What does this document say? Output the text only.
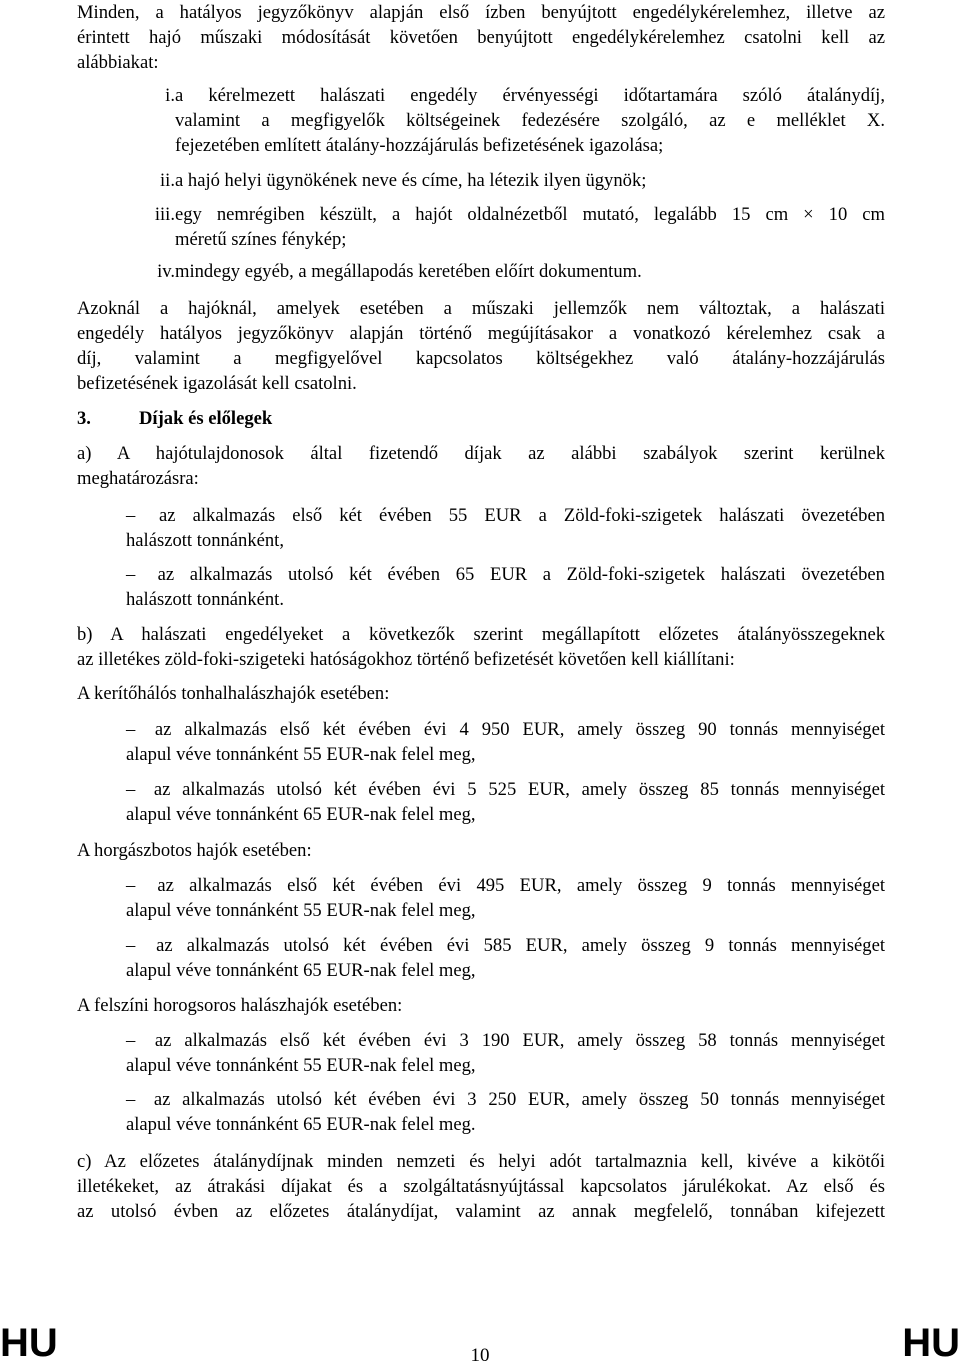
Minden, a hatályos jegyzőkönyv alapján első ízben benyújtott engedélykérelemhez, illetve az

érintett hajó műszaki módosítását követően benyújtott engedélykérelemhez csatolni kell az

alábbiakat:

i. a kérelmezett halászati engedély érvényességi időtartamára szóló átalánydíj,

valamint a megfigyelők költségeinek fedezésére szolgáló, az e melléklet X.

fejezetében említett átalány-hozzájárulás befizetésének igazolása;

ii. a hajó helyi ügynökének neve és címe, ha létezik ilyen ügynök;

iii. egy nemrégiben készült, a hajót oldalnézetből mutató, legalább 15 cm × 10 cm

méretű színes fénykép;

iv. mindegy egyéb, a megállapodás keretében előírt dokumentum.

Azoknál a hajóknál, amelyek esetében a műszaki jellemzők nem változtak, a halászati

engedély hatályos jegyzőkönyv alapján történő megújításakor a vonatkozó kérelemhez csak a

díj, valamint a megfigyelővel kapcsolatos költségekhez való átalány-hozzájárulás

befizetésének igazolását kell csatolni.

3.	Díjak és előlegek

a) A hajótulajdonosok által fizetendő díjak az alábbi szabályok szerint kerülnek

meghatározásra:

– az alkalmazás első két évében 55 EUR a Zöld-foki-szigetek halászati övezetében

halászott tonnánként,

– az alkalmazás utolsó két évében 65 EUR a Zöld-foki-szigetek halászati övezetében

halászott tonnánként.

b) A halászati engedélyeket a következők szerint megállapított előzetes átalányösszegeknek

az illetékes zöld-foki-szigeteki hatóságokhoz történő befizetését követően kell kiállítani:

A kerítőhálós tonhalhalászhajók esetében:

– az alkalmazás első két évében évi 4 950 EUR, amely összeg 90 tonnás mennyiséget

alapul véve tonnánként 55 EUR-nak felel meg,

– az alkalmazás utolsó két évében évi 5 525 EUR, amely összeg 85 tonnás mennyiséget

alapul véve tonnánként 65 EUR-nak felel meg,

A horgászbotos hajók esetében:

– az alkalmazás első két évében évi 495 EUR, amely összeg 9 tonnás mennyiséget

alapul véve tonnánként 55 EUR-nak felel meg,

– az alkalmazás utolsó két évében évi 585 EUR, amely összeg 9 tonnás mennyiséget

alapul véve tonnánként 65 EUR-nak felel meg,

A felszíni horogsoros halászhajók esetében:

– az alkalmazás első két évében évi 3 190 EUR, amely összeg 58 tonnás mennyiséget

alapul véve tonnánként 55 EUR-nak felel meg,

– az alkalmazás utolsó két évében évi 3 250 EUR, amely összeg 50 tonnás mennyiséget

alapul véve tonnánként 65 EUR-nak felel meg.

c) Az előzetes átalánydíjnak minden nemzeti és helyi adót tartalmaznia kell, kivéve a kikötői

illetékeket, az átrakási díjakat és a szolgáltatásnyújtással kapcsolatos járulékokat. Az első és

az utolsó évben az előzetes átalánydíjat, valamint az annak megfelelő, tonnában kifejezett

HU	10	HU
